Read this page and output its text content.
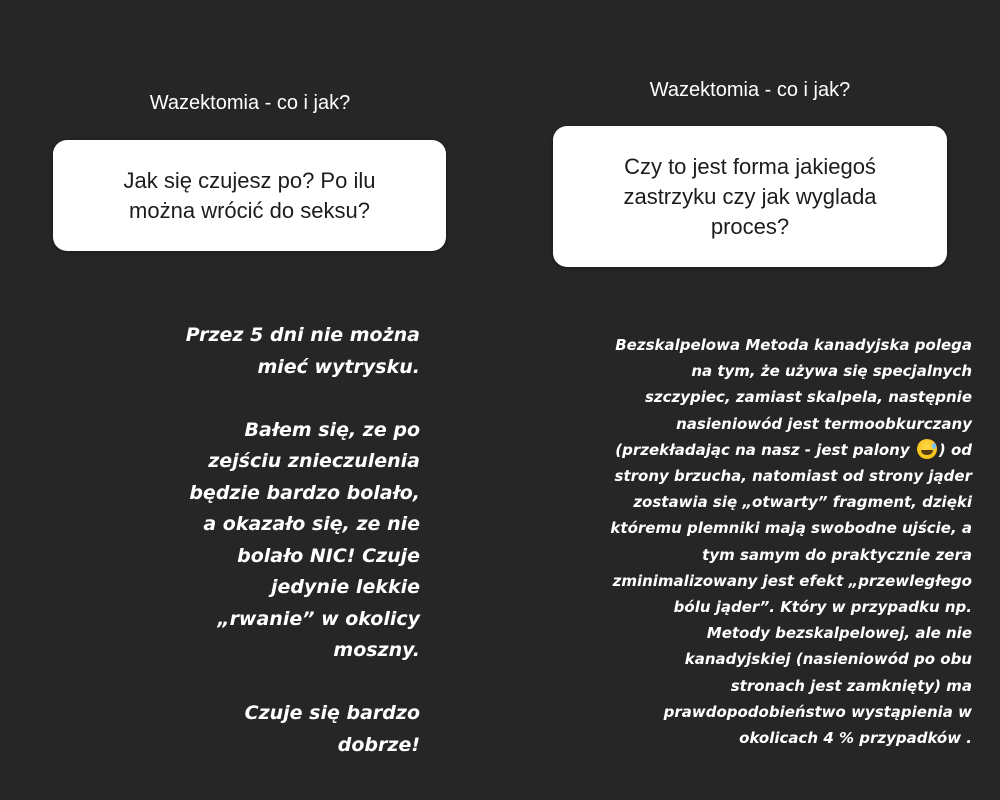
Wazektomia - co i jak?
Jak się czujesz po? Po ilu
można wrócić do seksu?

Przez 5 dni nie można
mieć wytrysku.

Bałem się, ze po
zejściu znieczulenia
będzie bardzo bolało,
a okazało się, ze nie
bolało NIC! Czuje
jedynie lekkie
„rwanie” w okolicy
moszny.

Czuje się bardzo
dobrze!

Wazektomia - co i jak?
Czy to jest forma jakiegoś
zastrzyku czy jak wyglada
proces?
Bezskalpelowa Metoda kanadyjska polega
na tym, że używa się specjalnych
szczypiec, zamiast skalpela, następnie
nasieniowód jest termoobkurczany
(przekładając na nasz - jest palony ) od
strony brzucha, natomiast od strony jąder
zostawia się „otwarty” fragment, dzięki
któremu plemniki mają swobodne ujście, a
tym samym do praktycznie zera
zminimalizowany jest efekt „przewległego
bólu jąder”. Który w przypadku np.
Metody bezskalpelowej, ale nie
kanadyjskiej (nasieniowód po obu
stronach jest zamknięty) ma
prawdopodobieństwo wystąpienia w
okolicach 4 % przypadków .
